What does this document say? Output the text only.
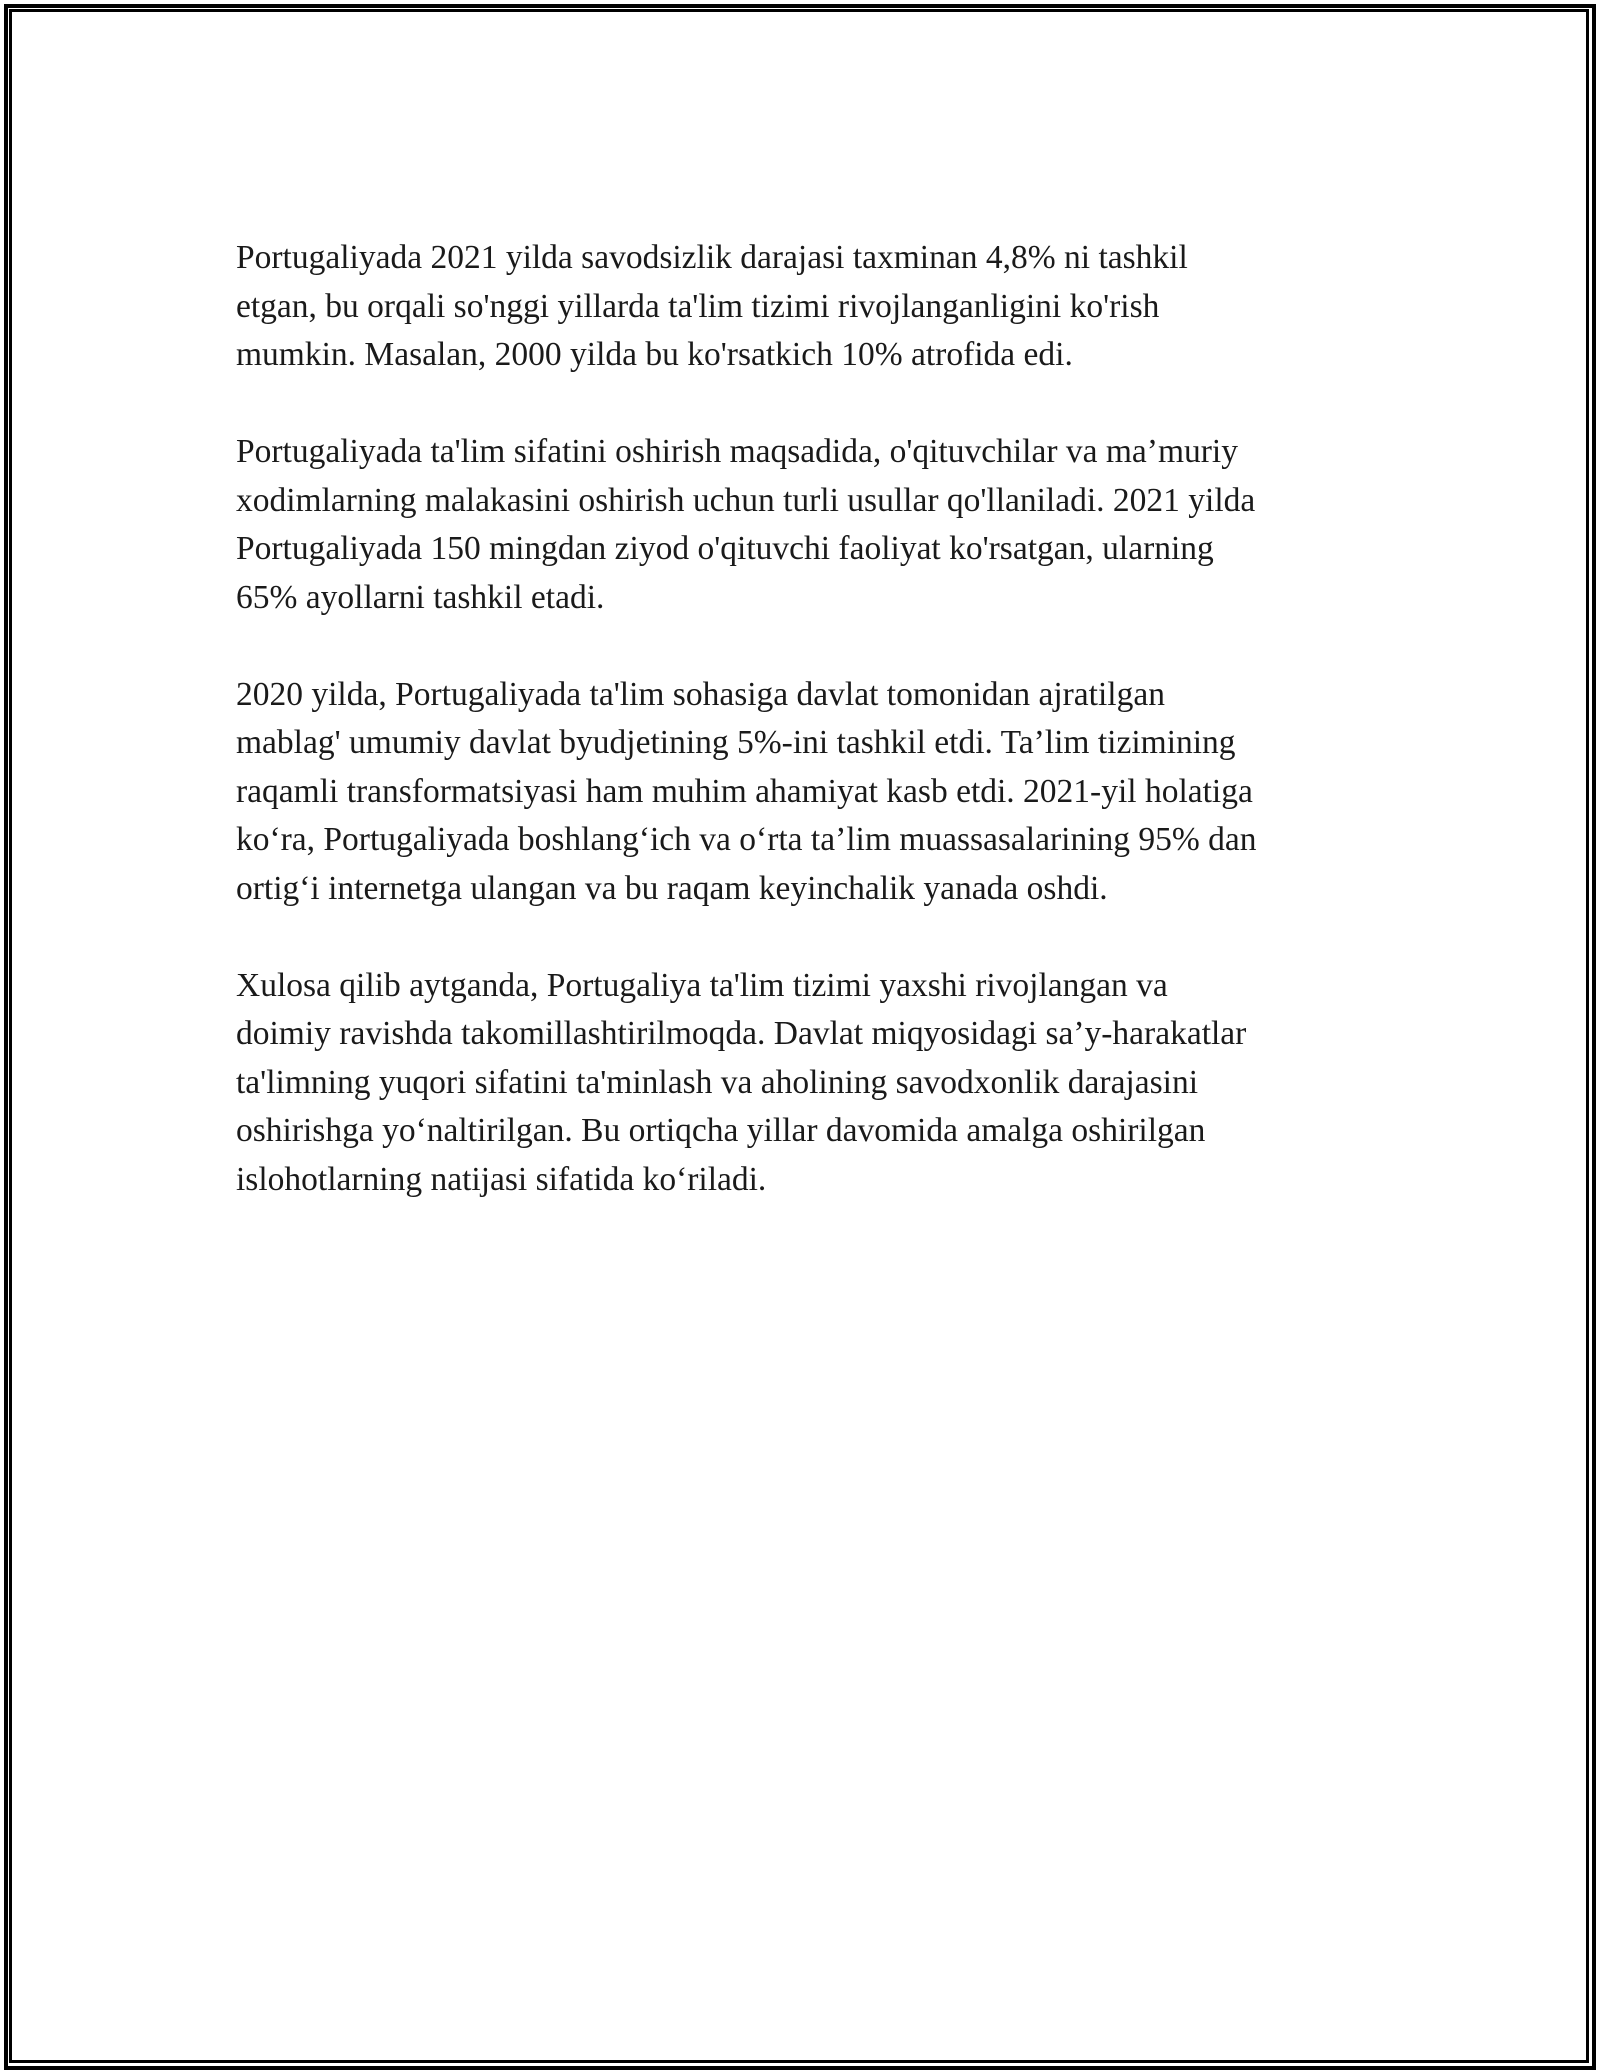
Portugaliyada 2021 yilda savodsizlik darajasi taxminan 4,8% ni tashkil
etgan, bu orqali so'nggi yillarda ta'lim tizimi rivojlanganligini ko'rish
mumkin. Masalan, 2000 yilda bu ko'rsatkich 10% atrofida edi.

Portugaliyada ta'lim sifatini oshirish maqsadida, o'qituvchilar va ma’muriy
xodimlarning malakasini oshirish uchun turli usullar qo'llaniladi. 2021 yilda
Portugaliyada 150 mingdan ziyod o'qituvchi faoliyat ko'rsatgan, ularning
65% ayollarni tashkil etadi.

2020 yilda, Portugaliyada ta'lim sohasiga davlat tomonidan ajratilgan
mablag' umumiy davlat byudjetining 5%-ini tashkil etdi. Ta’lim tizimining
raqamli transformatsiyasi ham muhim ahamiyat kasb etdi. 2021-yil holatiga
ko‘ra, Portugaliyada boshlang‘ich va o‘rta ta’lim muassasalarining 95% dan
ortig‘i internetga ulangan va bu raqam keyinchalik yanada oshdi.

Xulosa qilib aytganda, Portugaliya ta'lim tizimi yaxshi rivojlangan va
doimiy ravishda takomillashtirilmoqda. Davlat miqyosidagi sa’y-harakatlar
ta'limning yuqori sifatini ta'minlash va aholining savodxonlik darajasini
oshirishga yo‘naltirilgan. Bu ortiqcha yillar davomida amalga oshirilgan
islohotlarning natijasi sifatida ko‘riladi.
